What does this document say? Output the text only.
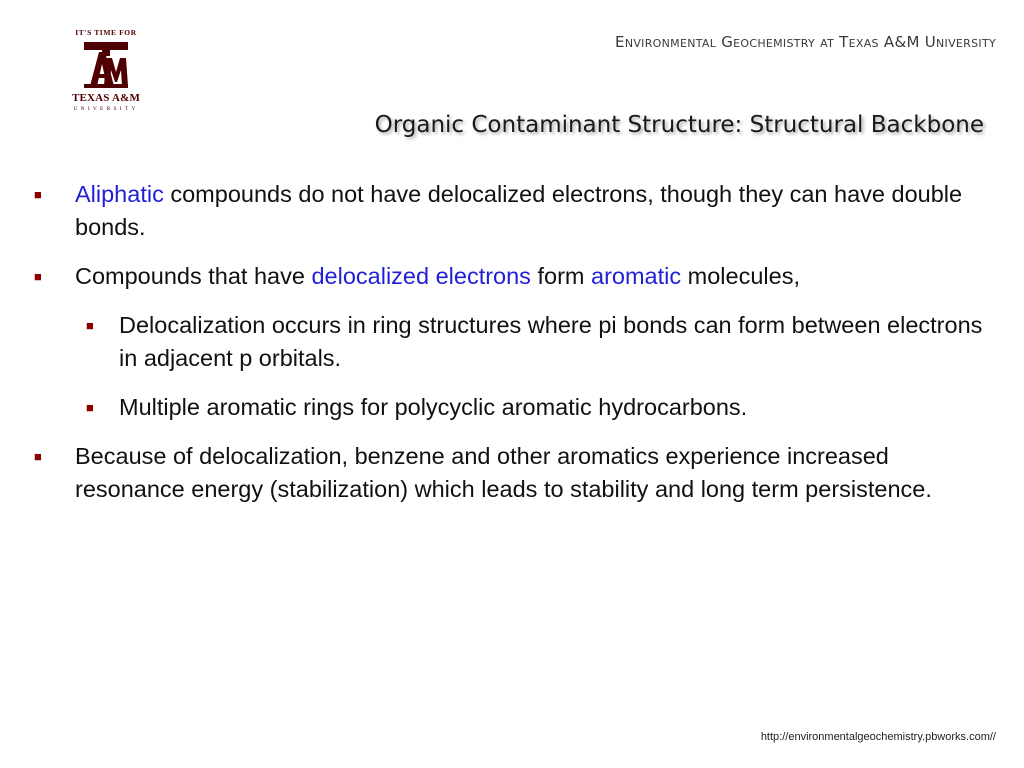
IT'S TIME FOR
TEXAS A&M
UNIVERSITY
Environmental Geochemistry at Texas A&M University
Organic Contaminant Structure: Structural Backbone
■ Aliphatic compounds do not have delocalized electrons, though they can have double bonds.
■ Compounds that have delocalized electrons form aromatic molecules,
■ Delocalization occurs in ring structures where pi bonds can form between electrons in adjacent p orbitals.
■ Multiple aromatic rings for polycyclic aromatic hydrocarbons.
■ Because of delocalization, benzene and other aromatics experience increased resonance energy (stabilization) which leads to stability and long term persistence.
http://environmentalgeochemistry.pbworks.com//
